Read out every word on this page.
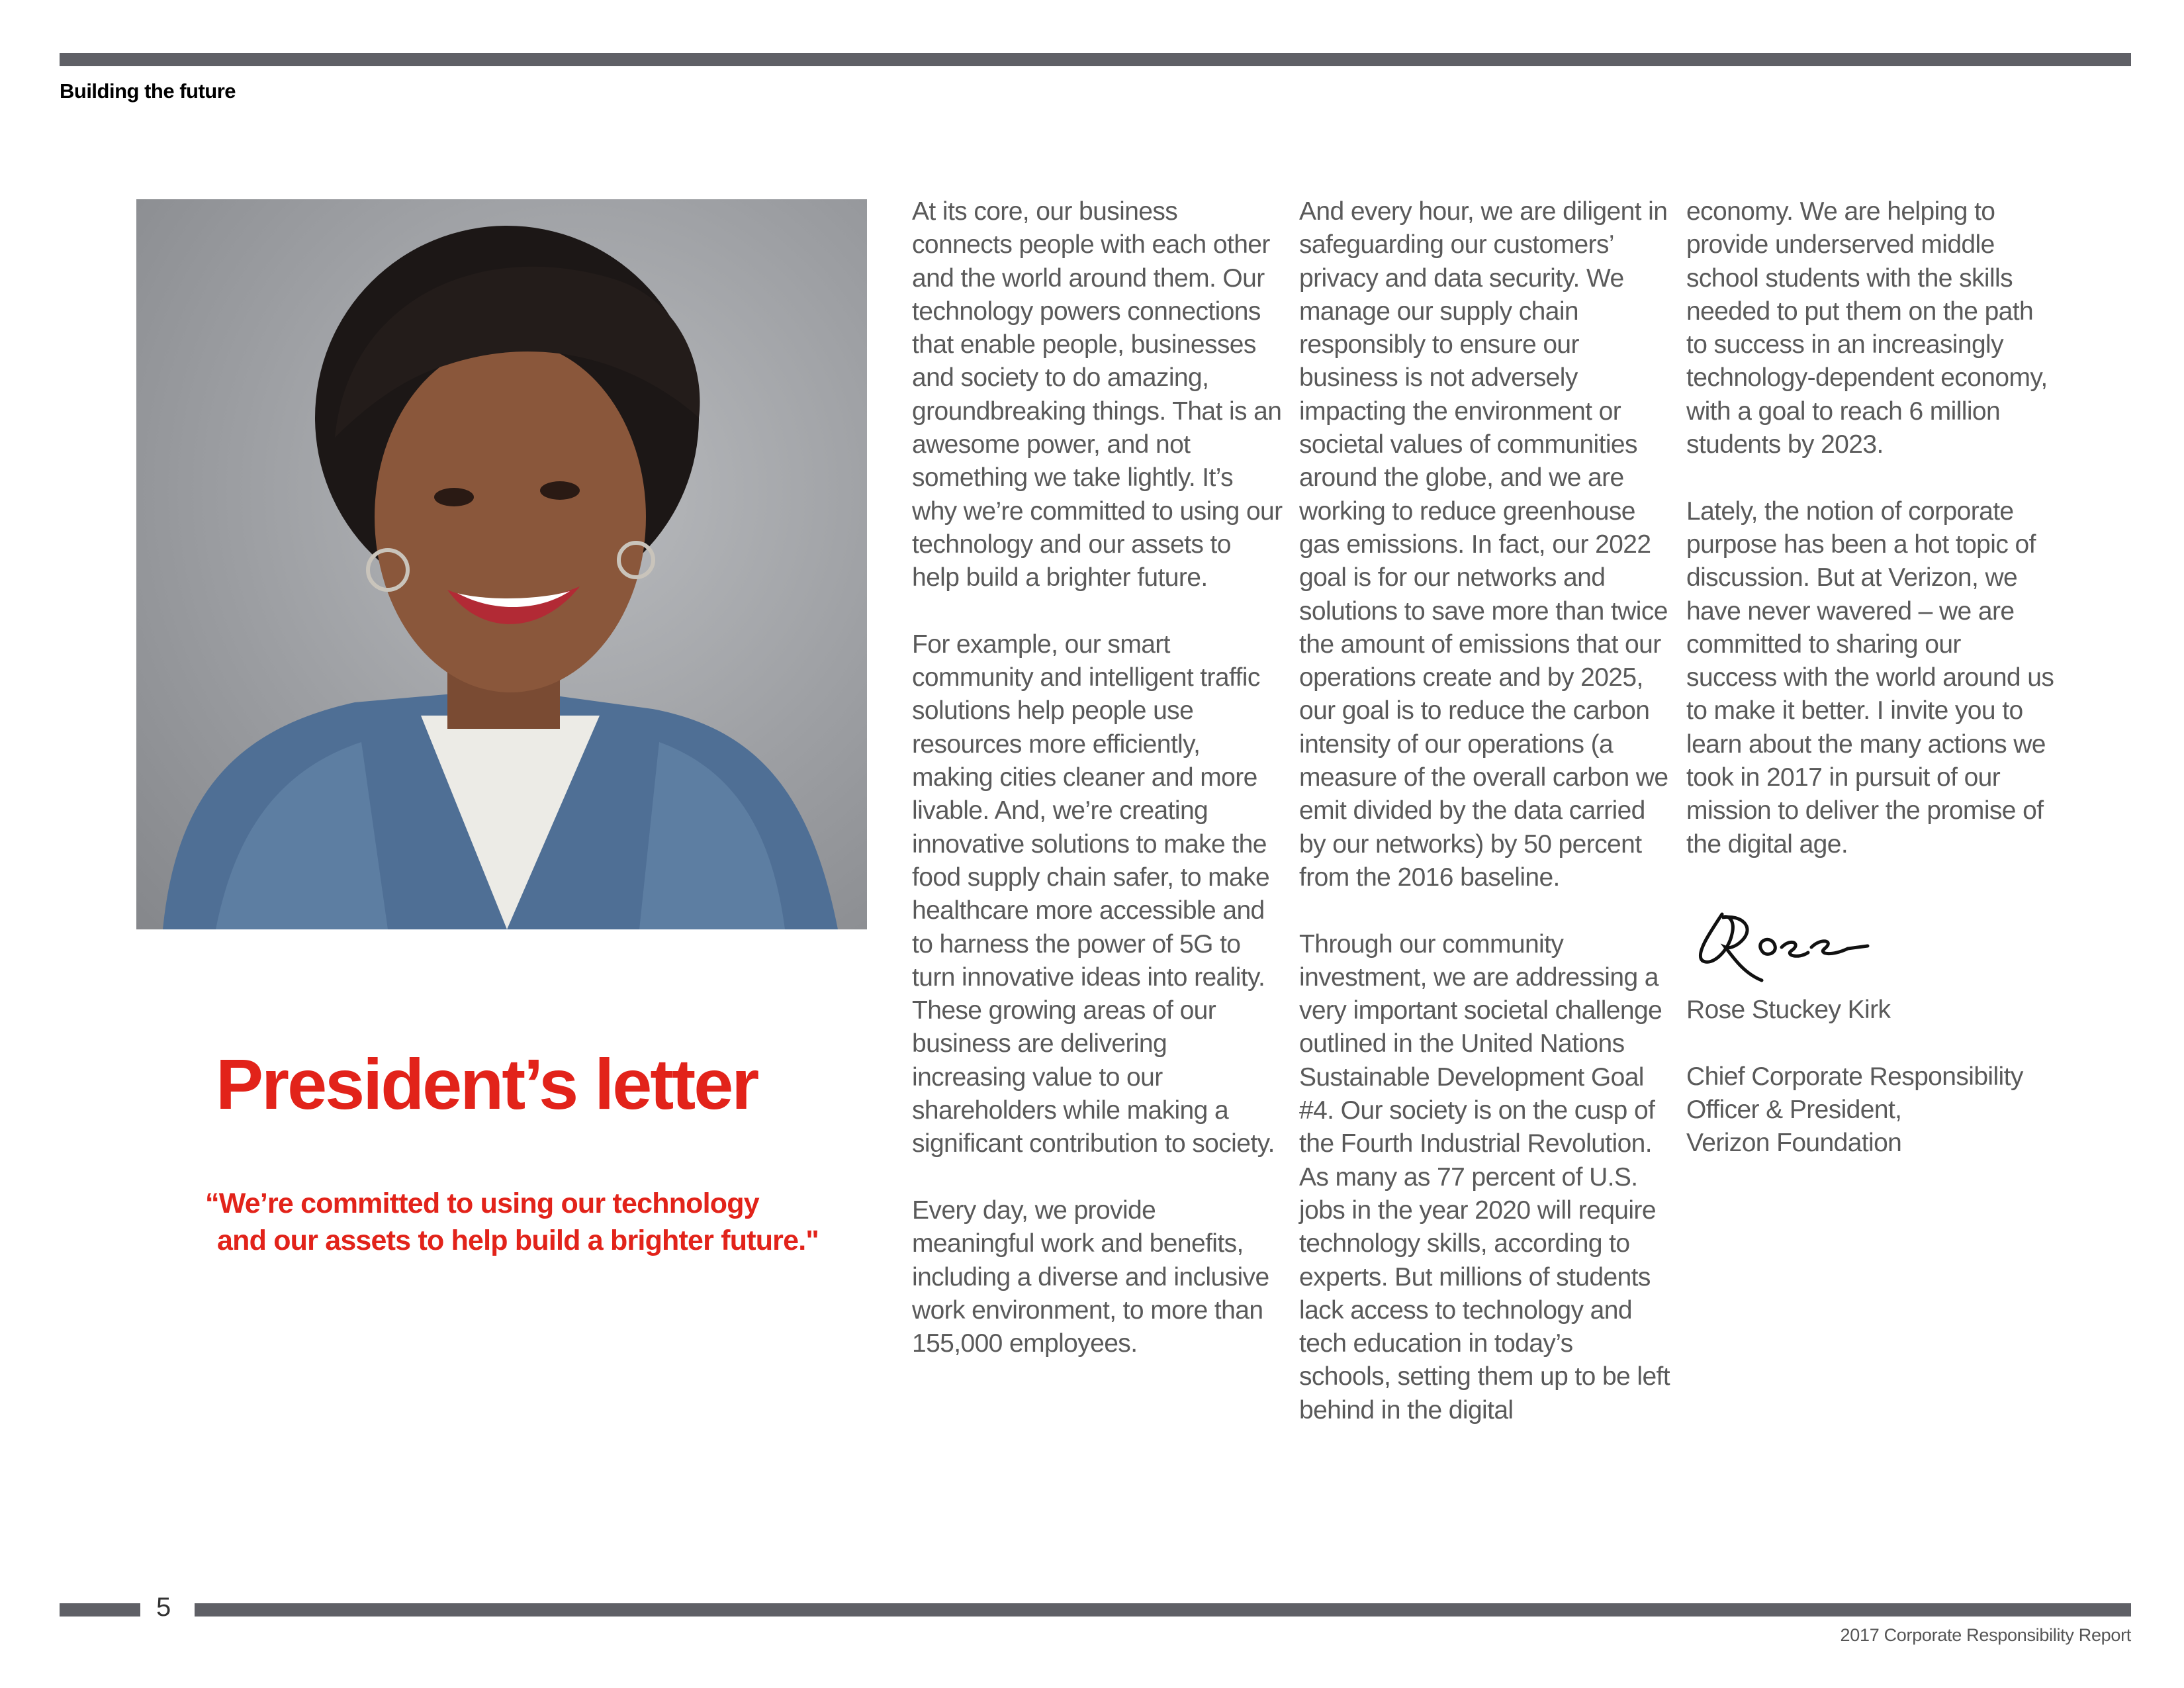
Building the future
President’s letter
“We’re committed to using our technology
and our assets to help build a brighter future."

At its core, our business connects people with each other and the world around them. Our technology powers connections that enable people, businesses and society to do amazing, groundbreaking things. That is an awesome power, and not something we take lightly. It’s why we’re committed to using our technology and our assets to help build a brighter future.

For example, our smart community and intelligent traffic solutions help people use resources more efficiently, making cities cleaner and more livable. And, we’re creating innovative solutions to make the food supply chain safer, to make healthcare more accessible and to harness the power of 5G to turn innovative ideas into reality. These growing areas of our business are delivering increasing value to our shareholders while making a significant contribution to society.

Every day, we provide meaningful work and benefits, including a diverse and inclusive work environment, to more than 155,000 employees.

And every hour, we are diligent in safeguarding our customers’ privacy and data security. We manage our supply chain responsibly to ensure our business is not adversely impacting the environment or societal values of communities around the globe, and we are working to reduce greenhouse gas emissions. In fact, our 2022 goal is for our networks and solutions to save more than twice the amount of emissions that our operations create and by 2025, our goal is to reduce the carbon intensity of our operations (a measure of the overall carbon we emit divided by the data carried by our networks) by 50 percent from the 2016 baseline.

Through our community investment, we are addressing a very important societal challenge outlined in the United Nations Sustainable Development Goal #4. Our society is on the cusp of the Fourth Industrial Revolution. As many as 77 percent of U.S. jobs in the year 2020 will require technology skills, according to experts. But millions of students lack access to technology and tech education in today’s schools, setting them up to be left behind in the digital

economy. We are helping to provide underserved middle school students with the skills needed to put them on the path to success in an increasingly technology-dependent economy, with a goal to reach 6 million students by 2023.

Lately, the notion of corporate purpose has been a hot topic of discussion. But at Verizon, we have never wavered – we are committed to sharing our success with the world around us to make it better. I invite you to learn about the many actions we took in 2017 in pursuit of our mission to deliver the promise of the digital age.

Rose Stuckey Kirk

Chief Corporate Responsibility
Officer & President,
Verizon Foundation
5
2017 Corporate Responsibility Report
